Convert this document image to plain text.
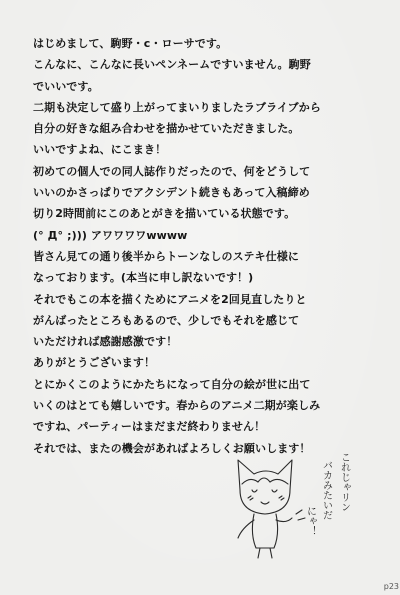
はじめまして、駒野・c・ローサです。
こんなに、こんなに長いペンネームですいません。駒野
でいいです。
二期も決定して盛り上がってまいりましたラブライブから
自分の好きな組み合わせを描かせていただきました。
いいですよね、にこまき！
初めての個人での同人誌作りだったので、何をどうして
いいのかさっぱりでアクシデント続きもあって入稿締め
切り2時間前にこのあとがきを描いている状態です。
(° Д° ;))) アワワワワwwww
皆さん見ての通り後半からトーンなしのステキ仕様に
なっております。(本当に申し訳ないです！)
それでもこの本を描くためにアニメを2回見直したりと
がんばったところもあるので、少しでもそれを感じて
いただければ感謝感激です！
ありがとうございます！
とにかくこのようにかたちになって自分の絵が世に出て
いくのはとても嬉しいです。春からのアニメ二期が楽しみ
ですね、パーティーはまだまだ終わりません！
それでは、またの機会があればよろしくお願いします！
これじゃリン
バカみたいだ
にゃ！
p23
